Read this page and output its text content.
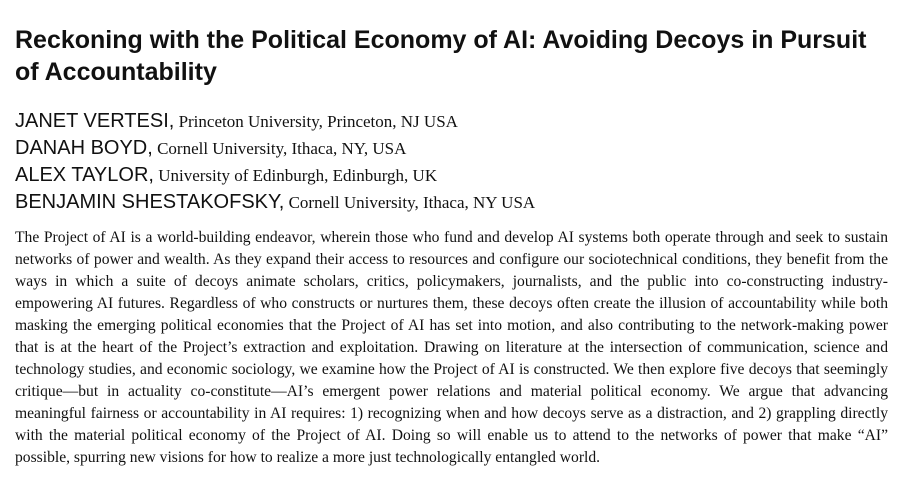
Reckoning with the Political Economy of AI: Avoiding Decoys in Pursuit of Accountability
JANET VERTESI, Princeton University, Princeton, NJ USA
DANAH BOYD, Cornell University, Ithaca, NY, USA
ALEX TAYLOR, University of Edinburgh, Edinburgh, UK
BENJAMIN SHESTAKOFSKY, Cornell University, Ithaca, NY USA

The Project of AI is a world-building endeavor, wherein those who fund and develop AI systems both operate through and seek to sustain networks of power and wealth. As they expand their access to resources and configure our sociotechnical conditions, they benefit from the ways in which a suite of decoys animate scholars, critics, policymakers, journalists, and the public into co-constructing industry-empowering AI futures. Regardless of who constructs or nurtures them, these decoys often create the illusion of accountability while both masking the emerging political economies that the Project of AI has set into motion, and also contributing to the network-making power that is at the heart of the Project’s extraction and exploitation. Drawing on literature at the intersection of communication, science and technology studies, and economic sociology, we examine how the Project of AI is constructed. We then explore five decoys that seemingly critique—but in actuality co-constitute—AI’s emergent power relations and material political economy. We argue that advancing meaningful fairness or accountability in AI requires: 1) recognizing when and how decoys serve as a distraction, and 2) grappling directly with the material political economy of the Project of AI. Doing so will enable us to attend to the networks of power that make “AI” possible, spurring new visions for how to realize a more just technologically entangled world.
